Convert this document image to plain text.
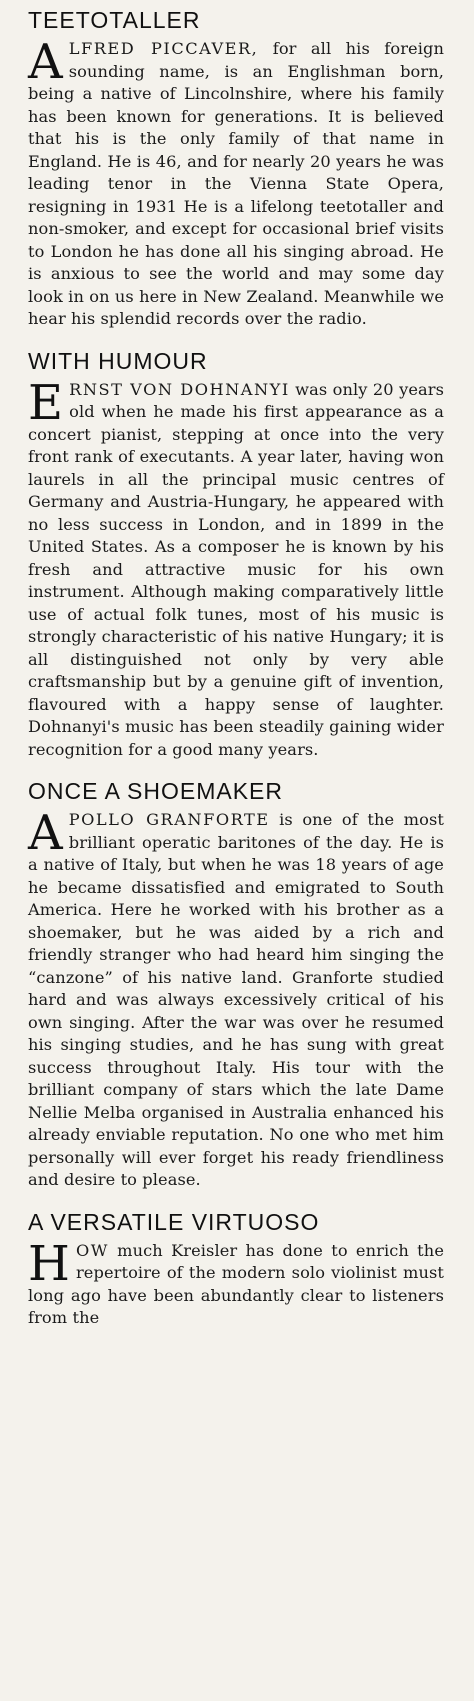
TEETOTALLER

ALFRED PICCAVER, for all his foreign sounding name, is an Englishman born, being a native of Lincolnshire, where his family has been known for generations. It is believed that his is the only family of that name in England. He is 46, and for nearly 20 years he was leading tenor in the Vienna State Opera, resigning in 1931 He is a lifelong teetotaller and non-smoker, and except for occasional brief visits to London he has done all his singing abroad. He is anxious to see the world and may some day look in on us here in New Zealand. Meanwhile we hear his splendid records over the radio.

WITH HUMOUR

ERNST VON DOHNANYI was only 20 years old when he made his first appearance as a concert pianist, stepping at once into the very front rank of executants. A year later, having won laurels in all the principal music centres of Germany and Austria-Hungary, he appeared with no less success in London, and in 1899 in the United States. As a composer he is known by his fresh and attractive music for his own instrument. Although making comparatively little use of actual folk tunes, most of his music is strongly characteristic of his native Hungary; it is all distinguished not only by very able craftsmanship but by a genuine gift of invention, flavoured with a happy sense of laughter. Dohnanyi's music has been steadily gaining wider recognition for a good many years.

ONCE A SHOEMAKER

APOLLO GRANFORTE is one of the most brilliant operatic baritones of the day. He is a native of Italy, but when he was 18 years of age he became dissatisfied and emigrated to South America. Here he worked with his brother as a shoemaker, but he was aided by a rich and friendly stranger who had heard him singing the “canzone” of his native land. Granforte studied hard and was always excessively critical of his own singing. After the war was over he resumed his singing studies, and he has sung with great success throughout Italy. His tour with the brilliant company of stars which the late Dame Nellie Melba organised in Australia enhanced his already enviable reputation. No one who met him personally will ever forget his ready friendliness and desire to please.

A VERSATILE VIRTUOSO

HOW much Kreisler has done to enrich the repertoire of the modern solo violinist must long ago have been abundantly clear to listeners from the
